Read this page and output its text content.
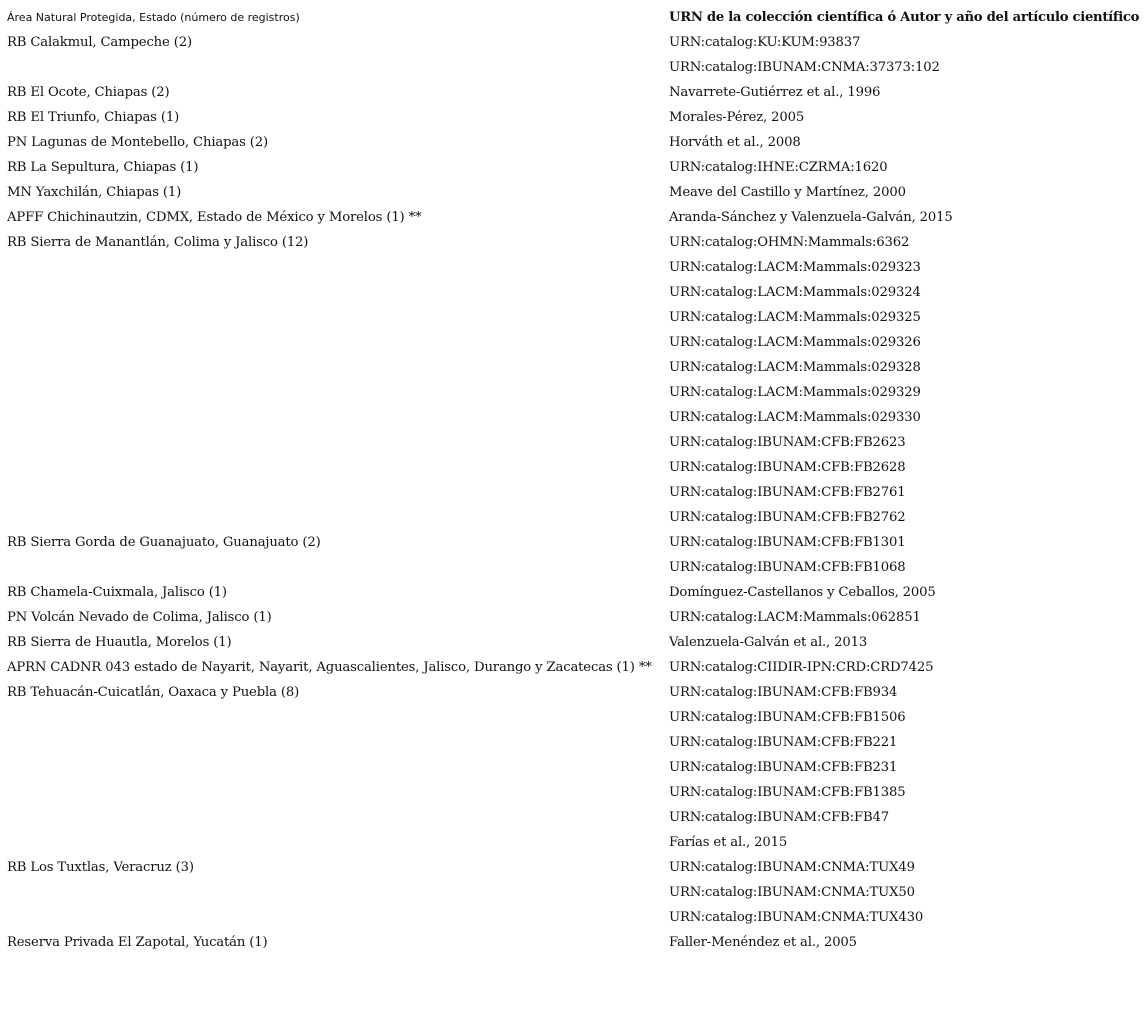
Área Natural Protegida, Estado (número de registros)	URN de la colección científica ó Autor y año del artículo científico
RB Calakmul, Campeche (2)	URN:catalog:KU:KUM:93837
	URN:catalog:IBUNAM:CNMA:37373:102
RB El Ocote, Chiapas (2)	Navarrete-Gutiérrez et al., 1996
RB El Triunfo, Chiapas (1)	Morales-Pérez, 2005
PN Lagunas de Montebello, Chiapas (2)	Horváth et al., 2008
RB La Sepultura, Chiapas (1)	URN:catalog:IHNE:CZRMA:1620
MN Yaxchilán, Chiapas (1)	Meave del Castillo y Martínez, 2000
APFF Chichinautzin, CDMX, Estado de México y Morelos (1) **	Aranda-Sánchez y Valenzuela-Galván, 2015
RB Sierra de Manantlán, Colima y Jalisco (12)	URN:catalog:OHMN:Mammals:6362
	URN:catalog:LACM:Mammals:029323
	URN:catalog:LACM:Mammals:029324
	URN:catalog:LACM:Mammals:029325
	URN:catalog:LACM:Mammals:029326
	URN:catalog:LACM:Mammals:029328
	URN:catalog:LACM:Mammals:029329
	URN:catalog:LACM:Mammals:029330
	URN:catalog:IBUNAM:CFB:FB2623
	URN:catalog:IBUNAM:CFB:FB2628
	URN:catalog:IBUNAM:CFB:FB2761
	URN:catalog:IBUNAM:CFB:FB2762
RB Sierra Gorda de Guanajuato, Guanajuato (2)	URN:catalog:IBUNAM:CFB:FB1301
	URN:catalog:IBUNAM:CFB:FB1068
RB Chamela-Cuixmala, Jalisco (1)	Domínguez-Castellanos y Ceballos, 2005
PN Volcán Nevado de Colima, Jalisco (1)	URN:catalog:LACM:Mammals:062851
RB Sierra de Huautla, Morelos (1)	Valenzuela-Galván et al., 2013
APRN CADNR 043 estado de Nayarit, Nayarit, Aguascalientes, Jalisco, Durango y Zacatecas (1) **	URN:catalog:CIIDIR-IPN:CRD:CRD7425
RB Tehuacán-Cuicatlán, Oaxaca y Puebla (8)	URN:catalog:IBUNAM:CFB:FB934
	URN:catalog:IBUNAM:CFB:FB1506
	URN:catalog:IBUNAM:CFB:FB221
	URN:catalog:IBUNAM:CFB:FB231
	URN:catalog:IBUNAM:CFB:FB1385
	URN:catalog:IBUNAM:CFB:FB47
	Farías et al., 2015
RB Los Tuxtlas, Veracruz (3)	URN:catalog:IBUNAM:CNMA:TUX49
	URN:catalog:IBUNAM:CNMA:TUX50
	URN:catalog:IBUNAM:CNMA:TUX430
Reserva Privada El Zapotal, Yucatán (1)	Faller-Menéndez et al., 2005
